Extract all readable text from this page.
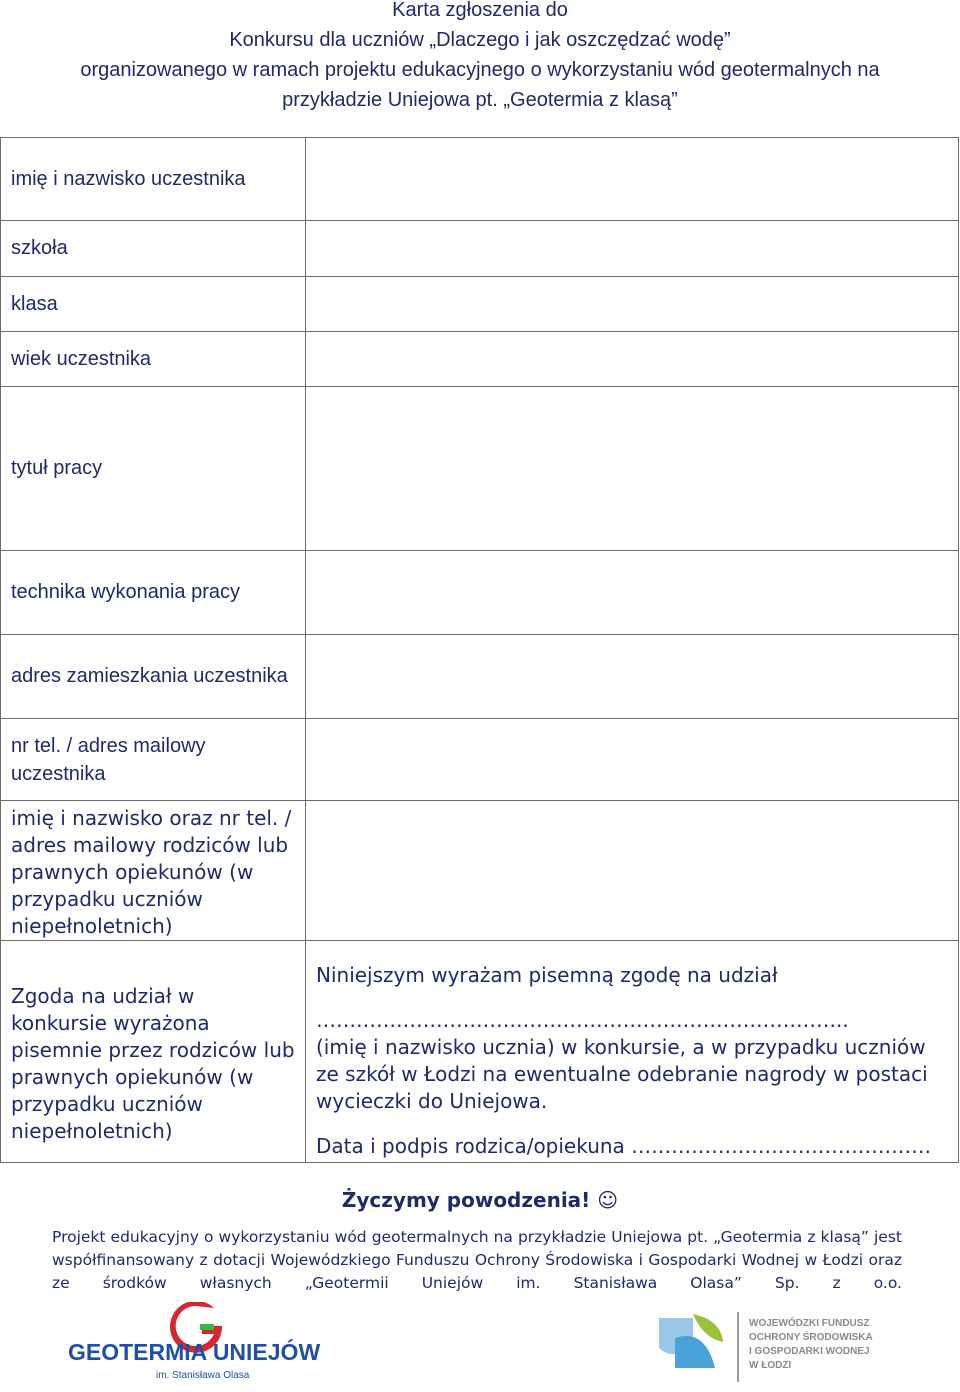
Karta zgłoszenia do
Konkursu dla uczniów „Dlaczego i jak oszczędzać wodę”
organizowanego w ramach projektu edukacyjnego o wykorzystaniu wód geotermalnych na
przykładzie Uniejowa pt. „Geotermia z klasą”
imię i nazwisko uczestnika	
szkoła	
klasa	
wiek uczestnika	
tytuł pracy	
technika wykonania pracy	
adres zamieszkania uczestnika	
nr tel. / adres mailowy uczestnika	
imię i nazwisko oraz nr tel. / adres mailowy rodziców lub prawnych opiekunów (w przypadku uczniów niepełnoletnich)	
Zgoda na udział w konkursie wyrażona pisemnie przez rodziców lub prawnych opiekunów (w przypadku uczniów niepełnoletnich)	Niniejszym wyrażam pisemną zgodę na udział

……………………………………………………………………..

(imię i nazwisko ucznia) w konkursie, a w przypadku uczniów ze szkół w Łodzi na ewentualne odebranie nagrody w postaci wycieczki do Uniejowa.

Data i podpis rodzica/opiekuna ………………………………………

Życzymy powodzenia! ☺
Projekt edukacyjny o wykorzystaniu wód geotermalnych na przykładzie Uniejowa pt. „Geotermia z klasą” jest
współfinansowany z dotacji Wojewódzkiego Funduszu Ochrony Środowiska i Gospodarki Wodnej w Łodzi oraz
ze środków własnych „Geotermii Uniejów im. Stanisława Olasa” Sp. z o.o.
GEOTERMIA UNIEJÓW
im. Stanisława Olasa
WOJEWÓDZKI FUNDUSZ
OCHRONY ŚRODOWISKA
I GOSPODARKI WODNEJ
W ŁODZI
